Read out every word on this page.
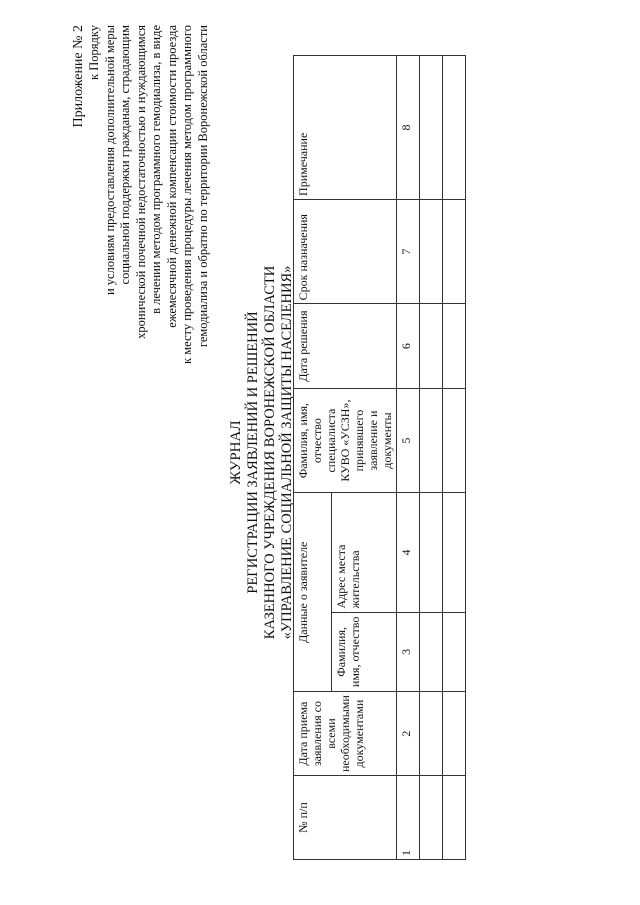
Приложение № 2 к Порядку и условиям предоставления дополнительной меры социальной поддержки гражданам, страдающим хронической почечной недостаточностью и нуждающимся в лечении методом программного гемодиализа, в виде ежемесячной денежной компенсации стоимости проезда к месту проведения процедуры лечения методом программного гемодиализа и обратно по территории Воронежской области
ЖУРНАЛ РЕГИСТРАЦИИ ЗАЯВЛЕНИЙ И РЕШЕНИЙ КАЗЕННОГО УЧРЕЖДЕНИЯ ВОРОНЕЖСКОЙ ОБЛАСТИ «УПРАВЛЕНИЕ СОЦИАЛЬНОЙ ЗАЩИТЫ НАСЕЛЕНИЯ»
№ п/п	Дата приема заявления со всеми необходимыми документами	Данные о заявителе		Фамилия, имя, отчество специалиста КУВО «УСЗН», принявшего заявление и документы	Дата решения	Срок назначения	Примечание
		Фамилия, имя, отчество	Адрес места жительства				
1	2	3	4	5	6	7	8
